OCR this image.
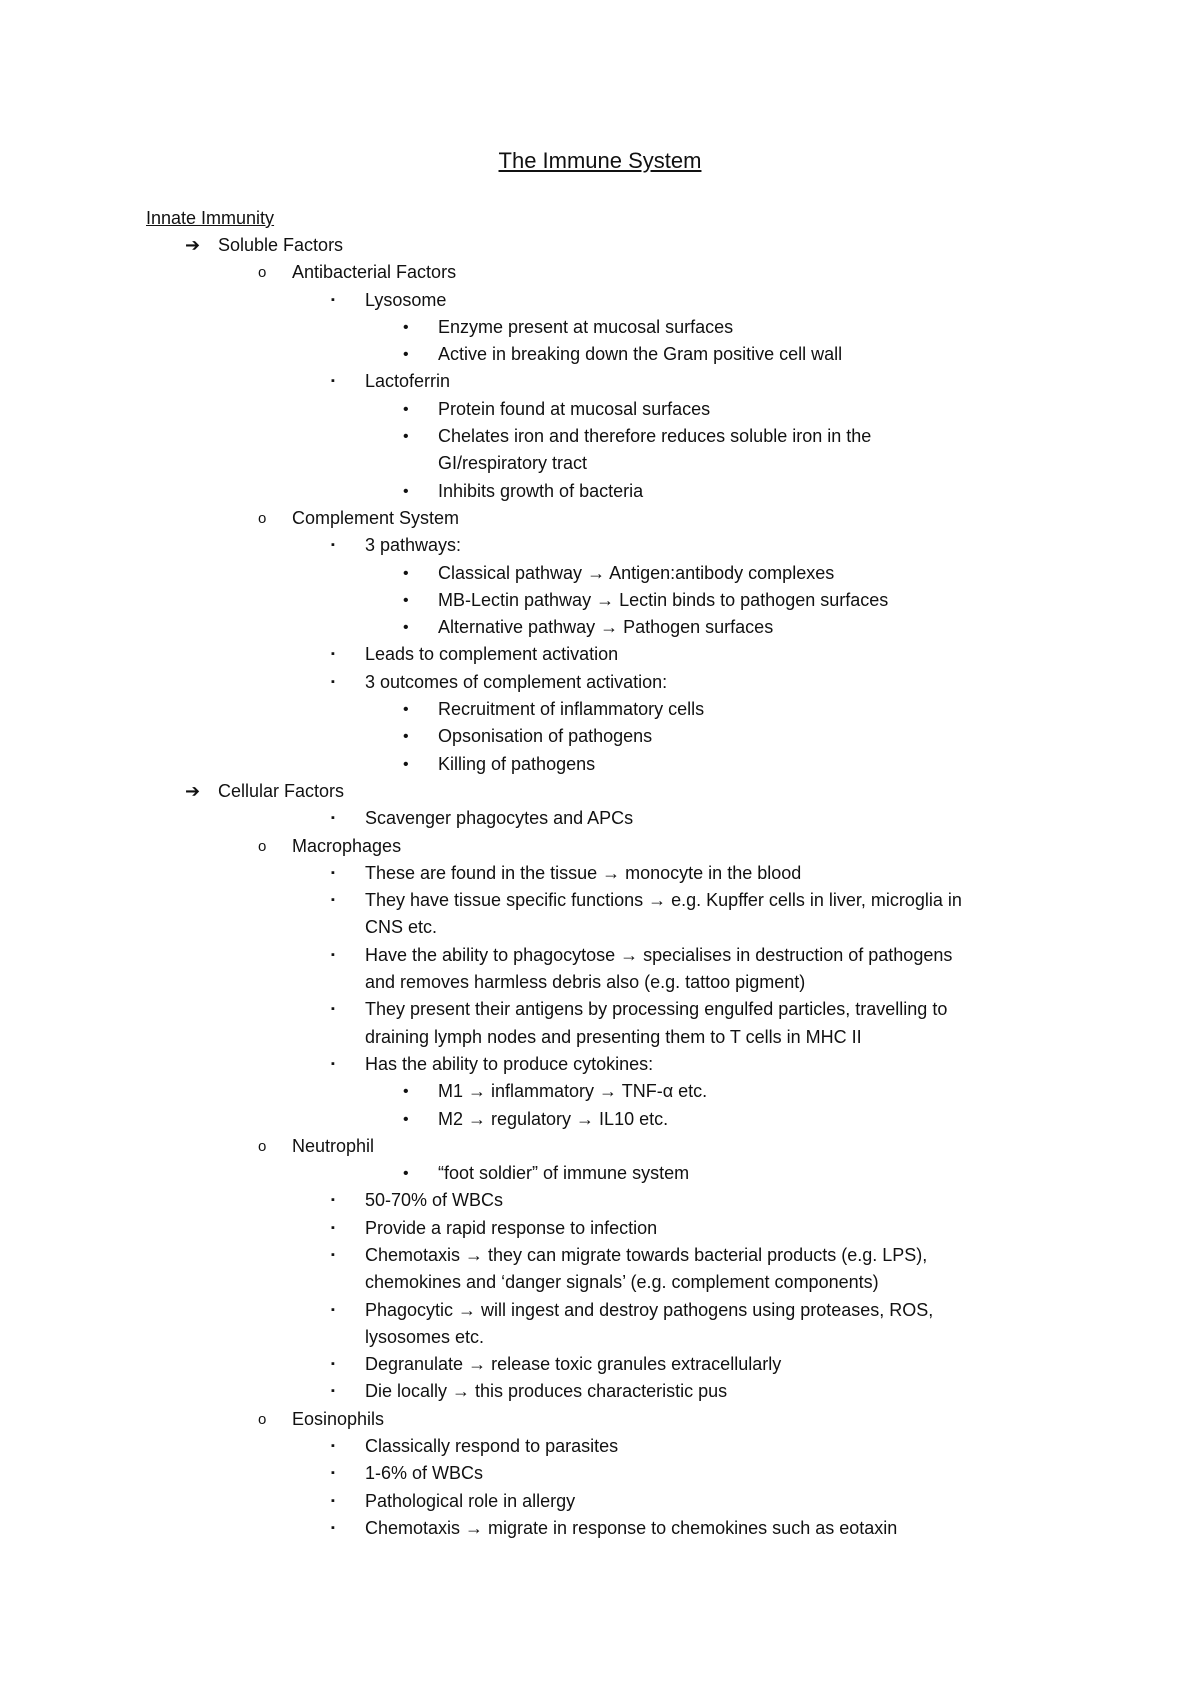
The Immune System
Innate Immunity
➔ Soluble Factors
o Antibacterial Factors
▪ Lysosome
• Enzyme present at mucosal surfaces
• Active in breaking down the Gram positive cell wall
▪ Lactoferrin
• Protein found at mucosal surfaces
• Chelates iron and therefore reduces soluble iron in the
GI/respiratory tract
• Inhibits growth of bacteria
o Complement System
▪ 3 pathways:
• Classical pathway → Antigen:antibody complexes
• MB-Lectin pathway → Lectin binds to pathogen surfaces
• Alternative pathway → Pathogen surfaces
▪ Leads to complement activation
▪ 3 outcomes of complement activation:
• Recruitment of inflammatory cells
• Opsonisation of pathogens
• Killing of pathogens
➔ Cellular Factors
▪ Scavenger phagocytes and APCs
o Macrophages
▪ These are found in the tissue → monocyte in the blood
▪ They have tissue specific functions → e.g. Kupffer cells in liver, microglia in
CNS etc.
▪ Have the ability to phagocytose → specialises in destruction of pathogens
and removes harmless debris also (e.g. tattoo pigment)
▪ They present their antigens by processing engulfed particles, travelling to
draining lymph nodes and presenting them to T cells in MHC II
▪ Has the ability to produce cytokines:
• M1 → inflammatory → TNF-α etc.
• M2 → regulatory → IL10 etc.
o Neutrophil
• “foot soldier” of immune system
▪ 50-70% of WBCs
▪ Provide a rapid response to infection
▪ Chemotaxis → they can migrate towards bacterial products (e.g. LPS),
chemokines and ‘danger signals’ (e.g. complement components)
▪ Phagocytic → will ingest and destroy pathogens using proteases, ROS,
lysosomes etc.
▪ Degranulate → release toxic granules extracellularly
▪ Die locally → this produces characteristic pus
o Eosinophils
▪ Classically respond to parasites
▪ 1-6% of WBCs
▪ Pathological role in allergy
▪ Chemotaxis → migrate in response to chemokines such as eotaxin
